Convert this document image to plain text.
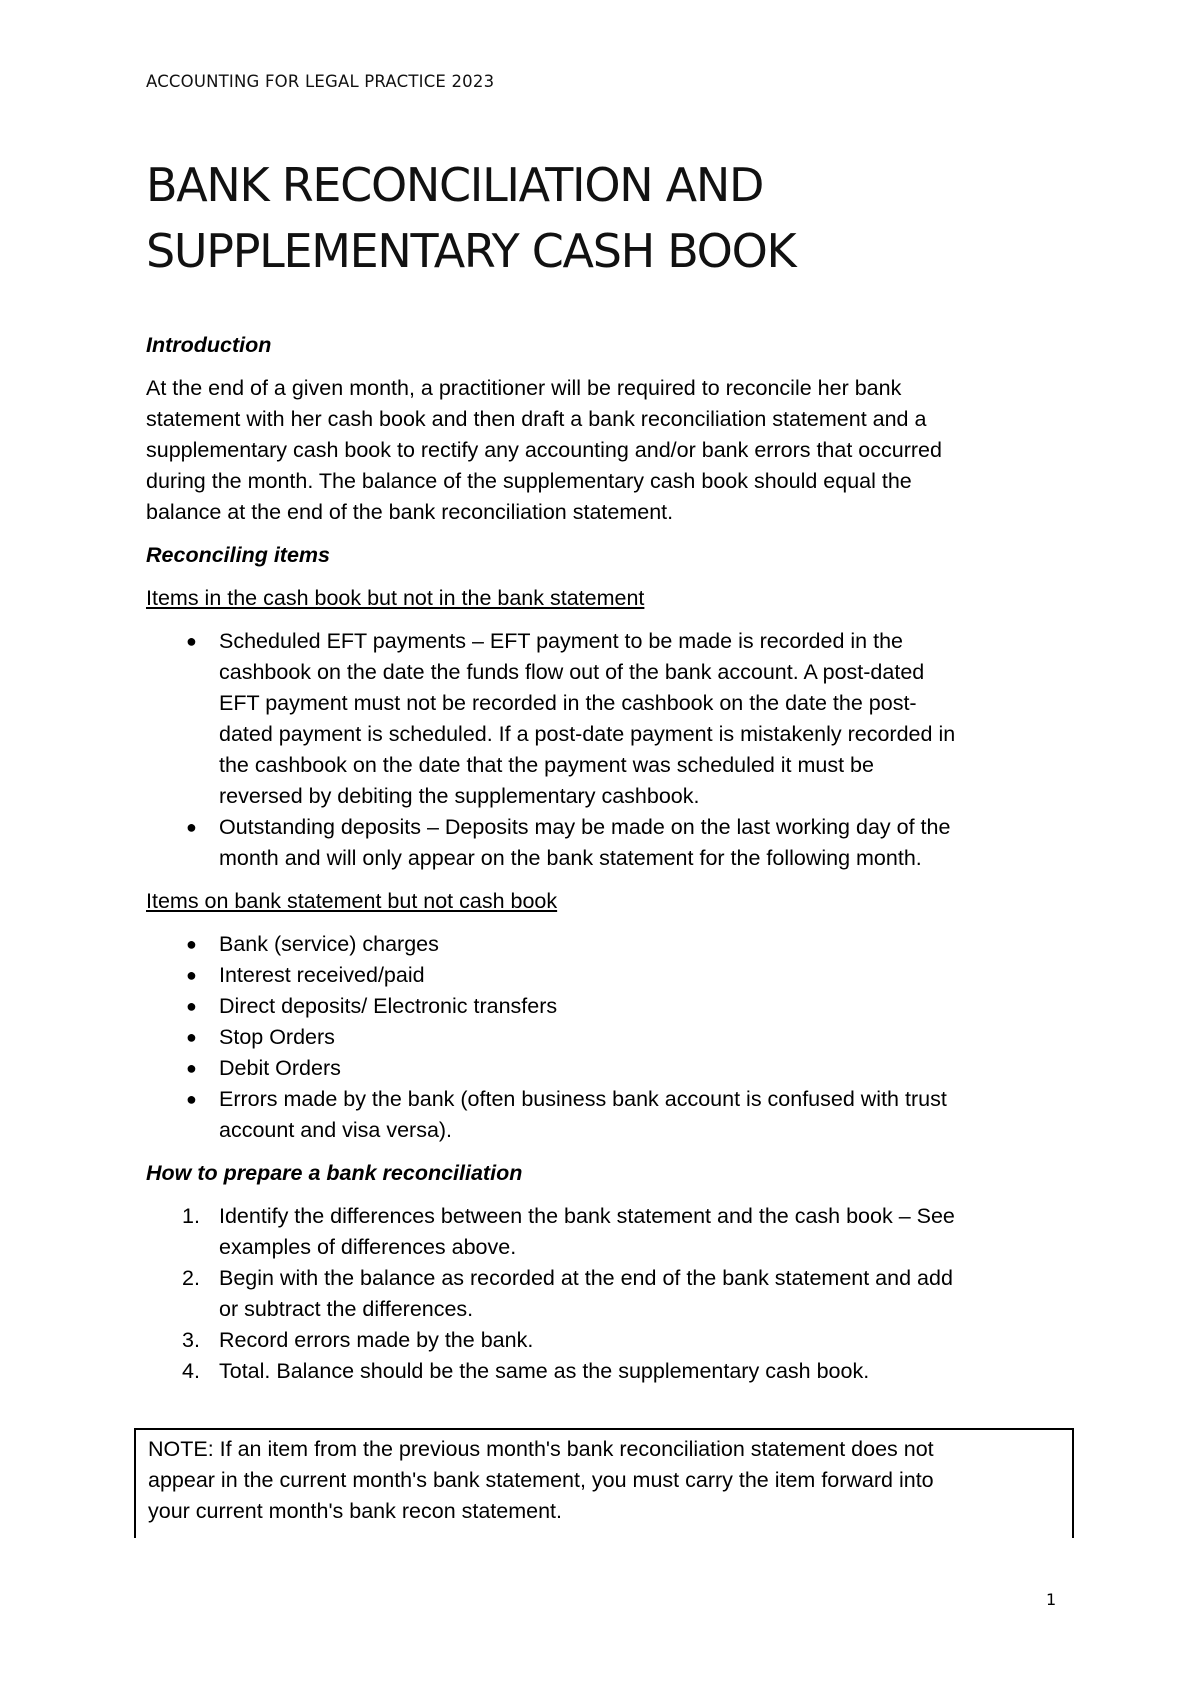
ACCOUNTING FOR LEGAL PRACTICE 2023
BANK RECONCILIATION AND
SUPPLEMENTARY CASH BOOK
Introduction
At the end of a given month, a practitioner will be required to reconcile her bank
statement with her cash book and then draft a bank reconciliation statement and a
supplementary cash book to rectify any accounting and/or bank errors that occurred
during the month. The balance of the supplementary cash book should equal the
balance at the end of the bank reconciliation statement.
Reconciling items
Items in the cash book but not in the bank statement
● Scheduled EFT payments – EFT payment to be made is recorded in the
cashbook on the date the funds flow out of the bank account. A post-dated
EFT payment must not be recorded in the cashbook on the date the post-
dated payment is scheduled. If a post-date payment is mistakenly recorded in
the cashbook on the date that the payment was scheduled it must be
reversed by debiting the supplementary cashbook.
● Outstanding deposits – Deposits may be made on the last working day of the
month and will only appear on the bank statement for the following month.
Items on bank statement but not cash book
● Bank (service) charges
● Interest received/paid
● Direct deposits/ Electronic transfers
● Stop Orders
● Debit Orders
● Errors made by the bank (often business bank account is confused with trust
account and visa versa).
How to prepare a bank reconciliation
1. Identify the differences between the bank statement and the cash book – See
examples of differences above.
2. Begin with the balance as recorded at the end of the bank statement and add
or subtract the differences.
3. Record errors made by the bank.
4. Total. Balance should be the same as the supplementary cash book.
NOTE: If an item from the previous month's bank reconciliation statement does not
appear in the current month's bank statement, you must carry the item forward into
your current month's bank recon statement.
1
